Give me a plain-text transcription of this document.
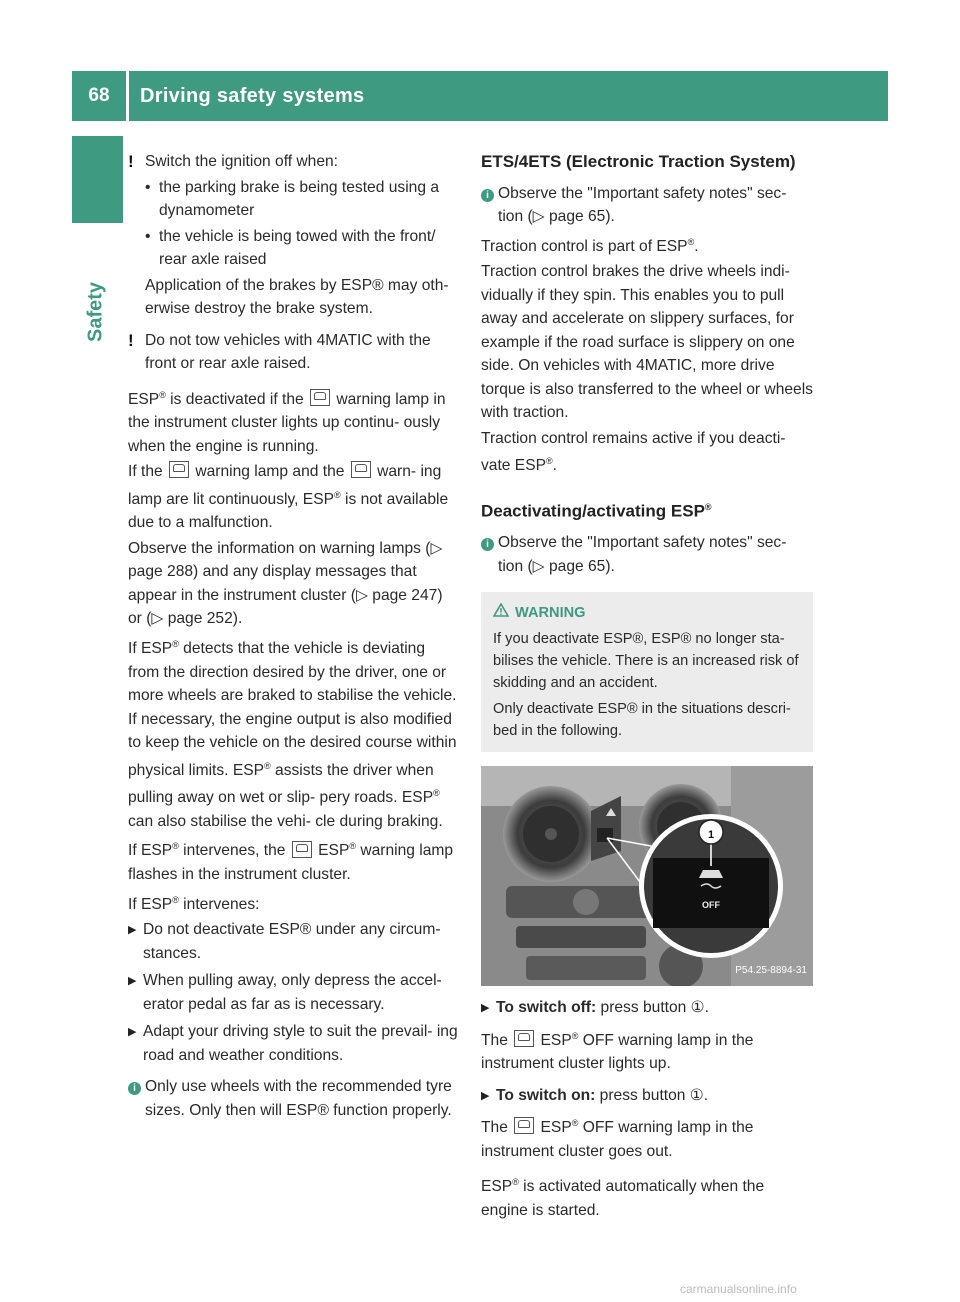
68	Driving safety systems
Safety
! Switch the ignition off when:
• the parking brake is being tested using a dynamometer
• the vehicle is being towed with the front/ rear axle raised

Application of the brakes by ESP® may oth- erwise destroy the brake system.

! Do not tow vehicles with 4MATIC with the front or rear axle raised.

ESP® is deactivated if the  warning lamp in the instrument cluster lights up continu- ously when the engine is running.

If the  warning lamp and the  warn- ing lamp are lit continuously, ESP® is not available due to a malfunction.

Observe the information on warning lamps (▷ page 288) and any display messages that appear in the instrument cluster (▷ page 247) or (▷ page 252).

If ESP® detects that the vehicle is deviating from the direction desired by the driver, one or more wheels are braked to stabilise the vehicle. If necessary, the engine output is also modified to keep the vehicle on the desired course within physical limits. ESP® assists the driver when pulling away on wet or slip- pery roads. ESP® can also stabilise the vehi- cle during braking.

If ESP® intervenes, the  ESP® warning lamp flashes in the instrument cluster.

If ESP® intervenes:

▶ Do not deactivate ESP® under any circum- stances.
▶ When pulling away, only depress the accel- erator pedal as far as is necessary.
▶ Adapt your driving style to suit the prevail- ing road and weather conditions.
i Only use wheels with the recommended tyre sizes. Only then will ESP® function properly.
ETS/4ETS (Electronic Traction System)
i Observe the "Important safety notes" sec- tion (▷ page 65).

Traction control is part of ESP®.

Traction control brakes the drive wheels indi- vidually if they spin. This enables you to pull away and accelerate on slippery surfaces, for example if the road surface is slippery on one side. On vehicles with 4MATIC, more drive torque is also transferred to the wheel or wheels with traction.

Traction control remains active if you deacti- vate ESP®.

Deactivating/activating ESP®
i Observe the "Important safety notes" sec- tion (▷ page 65).
WARNING
If you deactivate ESP®, ESP® no longer sta- bilises the vehicle. There is an increased risk of skidding and an accident.
Only deactivate ESP® in the situations descri- bed in the following.
1
OFF
P54.25-8894-31
▶ To switch off: press button ①.

The  ESP® OFF warning lamp in the instrument cluster lights up.

▶ To switch on: press button ①.

The  ESP® OFF warning lamp in the instrument cluster goes out.

ESP® is activated automatically when the engine is started.

carmanualsonline.info
